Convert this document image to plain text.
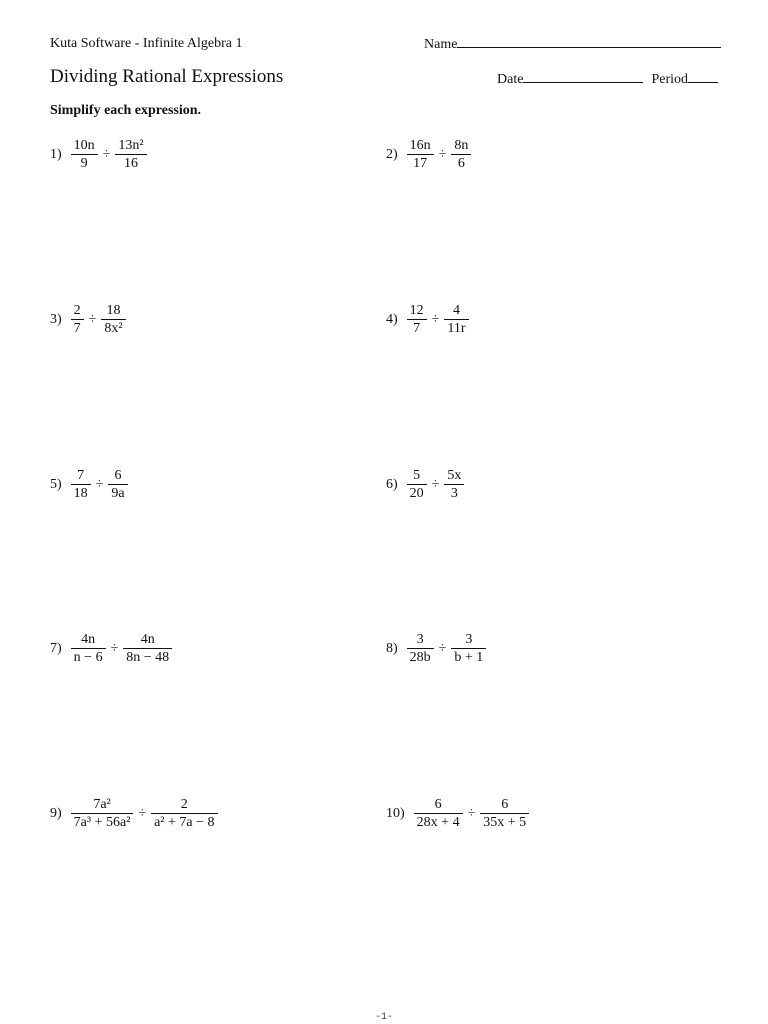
Kuta Software - Infinite Algebra 1	Name
Dividing Rational Expressions	Date	Period
Simplify each expression.
$1) \frac{10n}{9} \div \frac{\text{13n²}}{16}$	$2) \frac{16n}{17} \div \frac{8n}{6}$
$3) \frac{2}{7} \div \frac{18}{\text{8x²}}$	$4) \frac{12}{7} \div \frac{4}{11r}$
$5) \frac{7}{18} \div \frac{6}{9a}$	$6) \frac{5}{20} \div \frac{5x}{3}$
$7) \frac{4n}{n - 6} \div \frac{4n}{8n - 48}$	$8) \frac{3}{28b} \div \frac{3}{b + 1}$
$9) \frac{\text{7a²}}{\text{7a³ + 56a²}} \div \frac{2}{\text{a² + 7a − 8}}$	$10) \frac{6}{28x + 4} \div \frac{6}{35x + 5}$
-1-
